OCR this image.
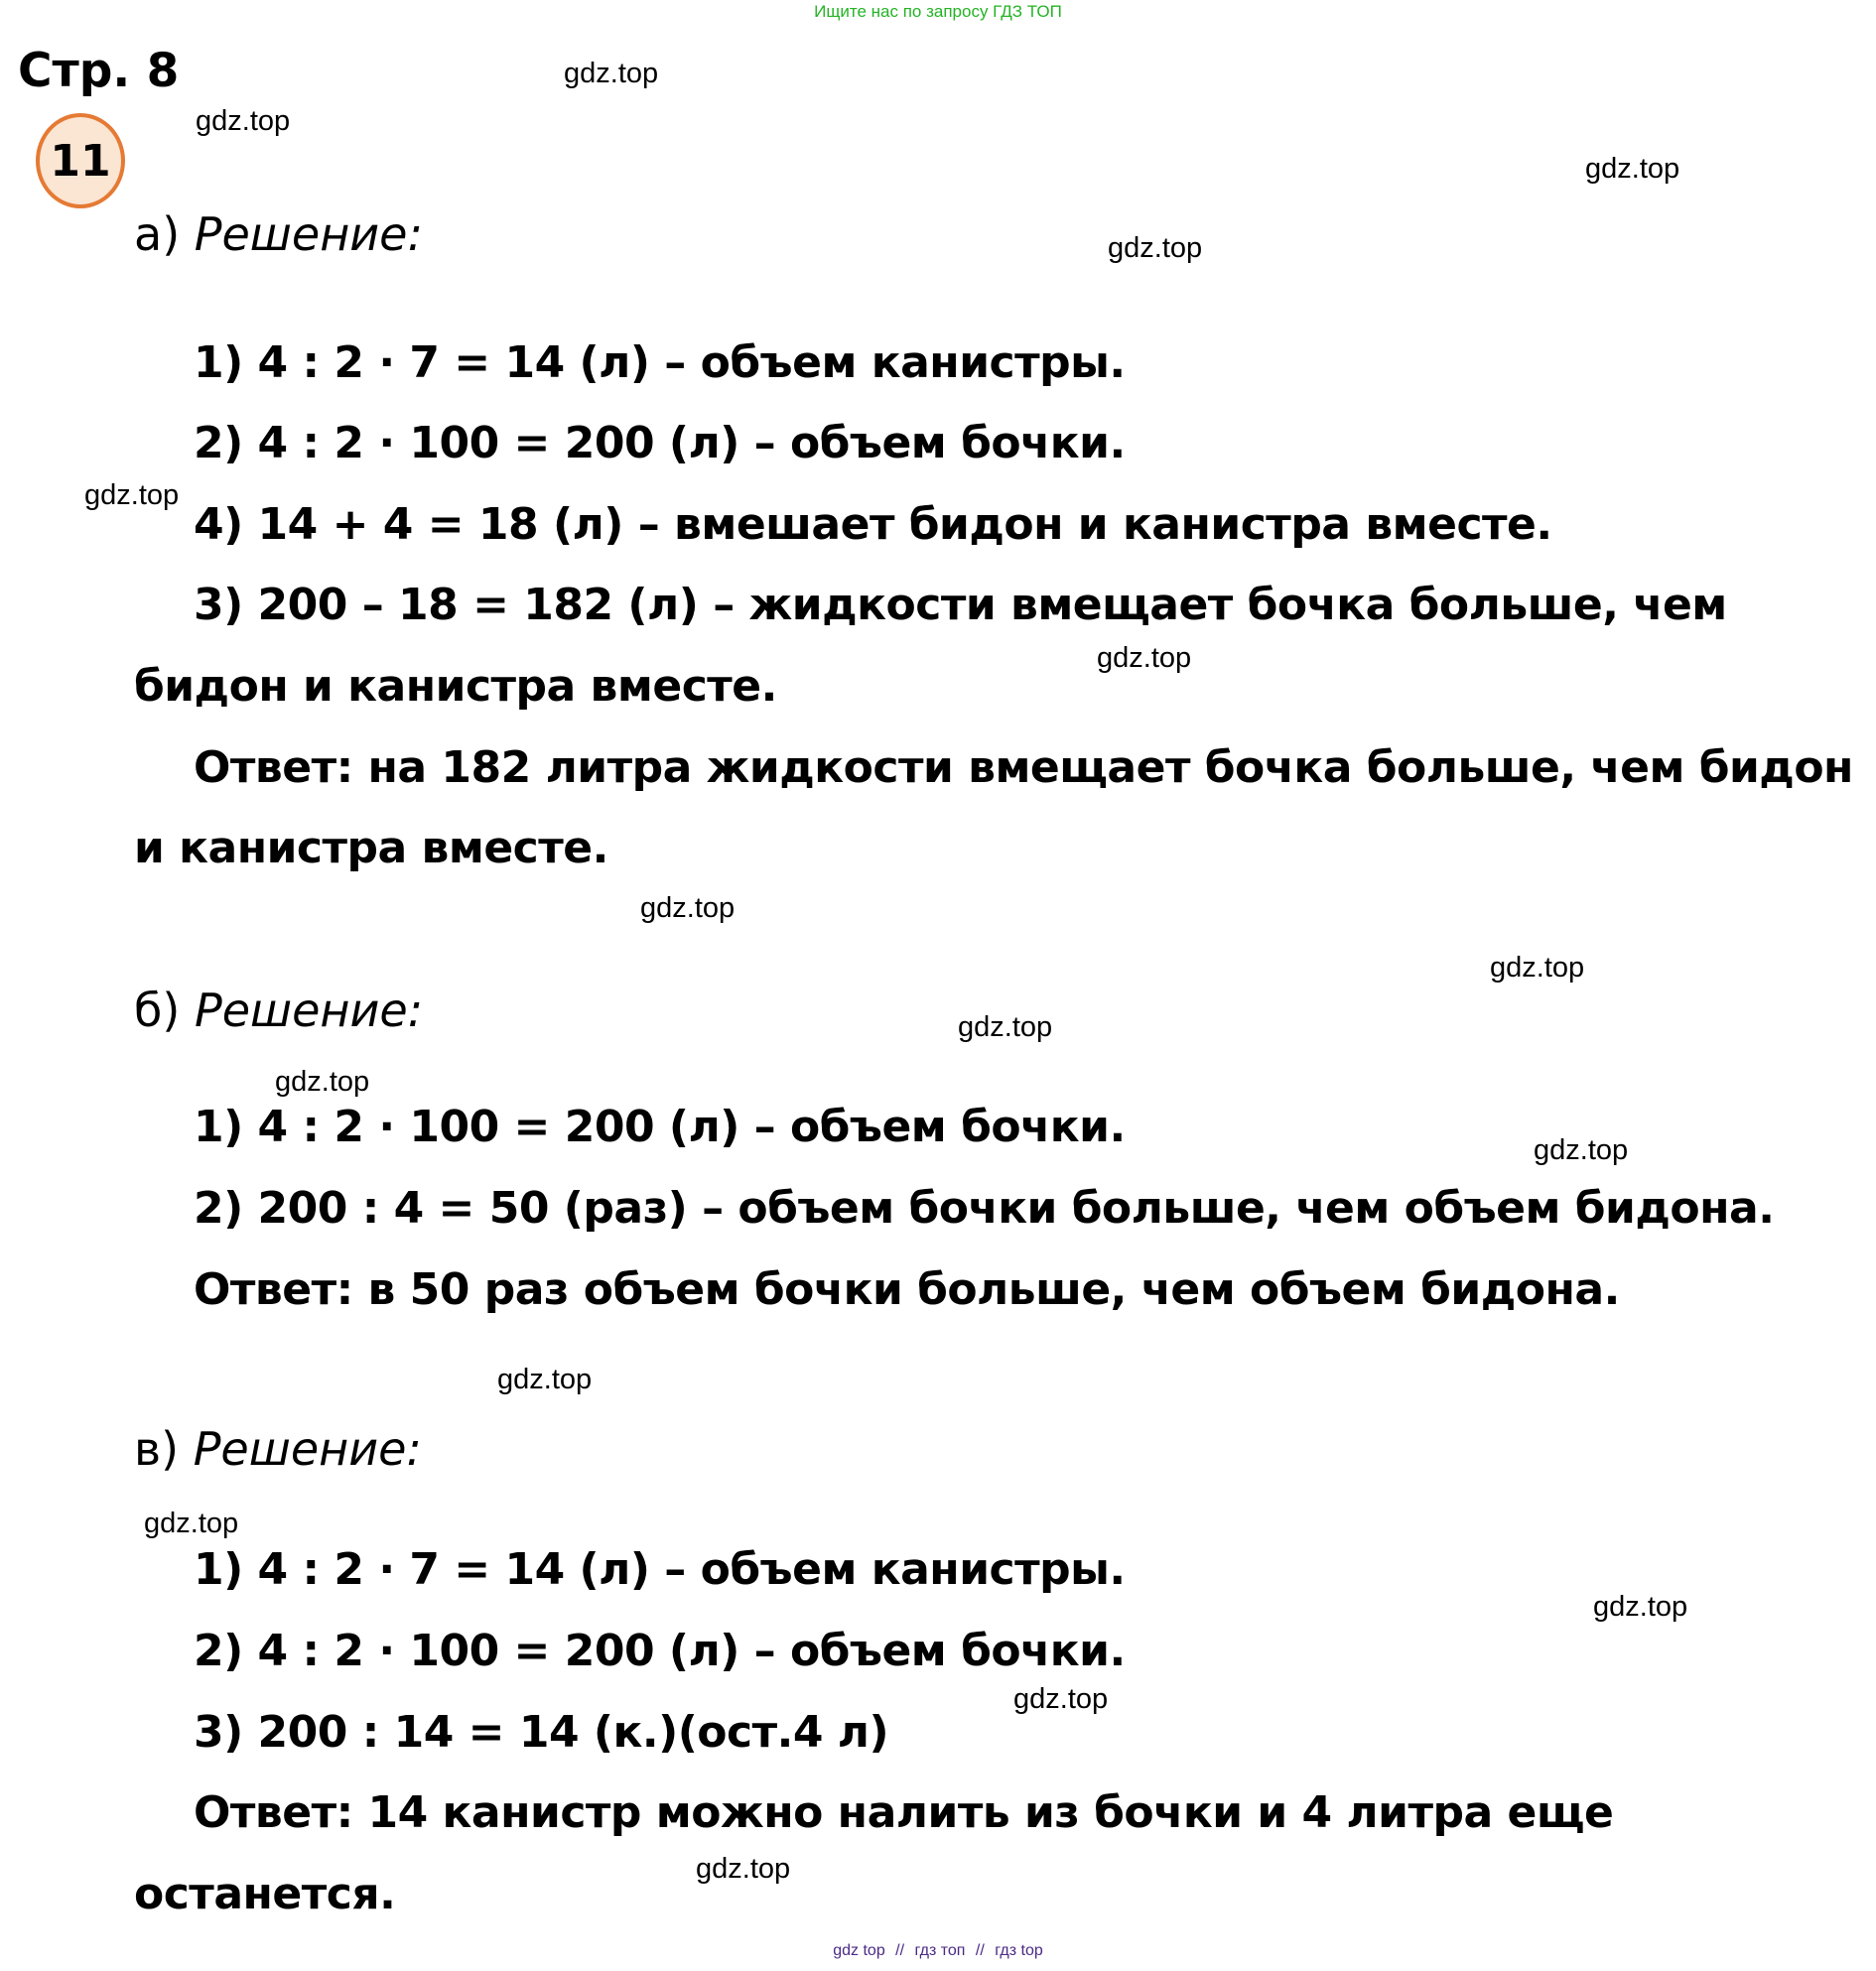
Ищите нас по запросу ГДЗ ТОП
Стр. 8
11
а) Решение:
1) 4 : 2 · 7 = 14 (л) – объем канистры.
2) 4 : 2 · 100 = 200 (л) – объем бочки.
4) 14 + 4 = 18 (л) – вмешает бидон и канистра вместе.
3) 200 – 18 = 182 (л) – жидкости вмещает бочка больше, чем
бидон и канистра вместе.
Ответ: на 182 литра жидкости вмещает бочка больше, чем бидон
и канистра вместе.
б) Решение:
1) 4 : 2 · 100 = 200 (л) – объем бочки.
2) 200 : 4 = 50 (раз) – объем бочки больше, чем объем бидона.
Ответ: в 50 раз объем бочки больше, чем объем бидона.
в) Решение:
1) 4 : 2 · 7 = 14 (л) – объем канистры.
2) 4 : 2 · 100 = 200 (л) – объем бочки.
3) 200 : 14 = 14 (к.)(ост.4 л)
Ответ: 14 канистр можно налить из бочки и 4 литра еще
останется.
gdz.top
gdz.top
gdz.top
gdz.top
gdz.top
gdz.top
gdz.top
gdz.top
gdz.top
gdz.top
gdz.top
gdz.top
gdz.top
gdz.top
gdz.top
gdz.top
gdz top // гдз топ // гдз top
